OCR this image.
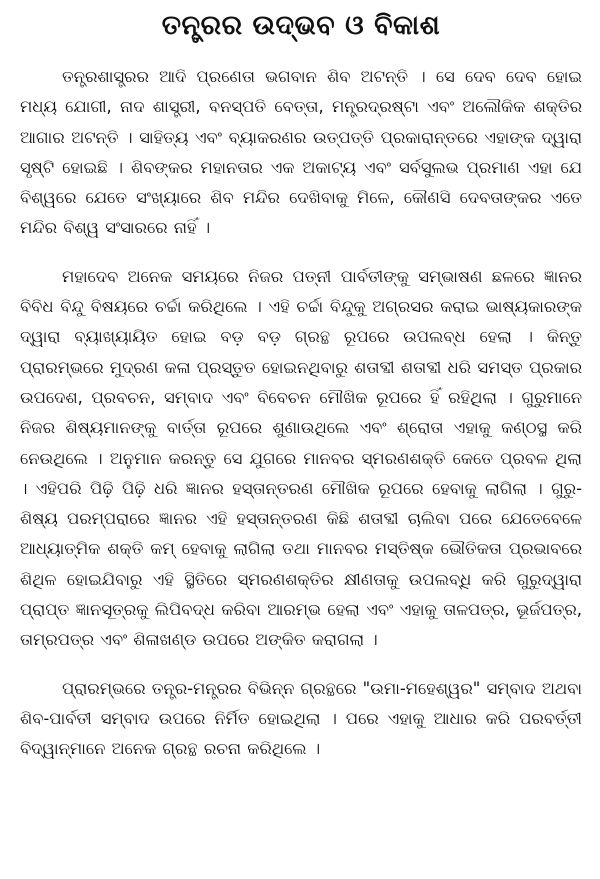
ତନ୍ତ୍ରର ଉଦ୍ଭବ ଓ ବିକାଶ

ତନ୍ତ୍ରଶାସ୍ତ୍ରର ଆଦି ପ୍ରଣେତା ଭଗବାନ ଶିବ ଅଟନ୍ତି । ସେ ଦେବ ଦେବ ହୋଇ ମଧ୍ୟ ଯୋଗୀ, ନାଦ ଶାସ୍ତ୍ରୀ, ବନସ୍ପତି ବେତ୍ତା, ମନ୍ତ୍ରଦ୍ରଷ୍ଟା ଏବଂ ଅଲୌକିକ ଶକ୍ତିର ଆଗାର ଅଟନ୍ତି । ସାହିତ୍ୟ ଏବଂ ବ୍ୟାକରଣର ଉତ୍ପତ୍ତି ପ୍ରକାରାନ୍ତରେ ଏହାଙ୍କ ଦ୍ୱାରା ସୃଷ୍ଟି ହୋଇଛି । ଶିବଙ୍କର ମହାନତାର ଏକ ଅକାଟ୍ୟ ଏବଂ ସର୍ବସୁଲଭ ପ୍ରମାଣ ଏହା ଯେ ବିଶ୍ୱରେ ଯେତେ ସଂଖ୍ୟାରେ ଶିବ ମନ୍ଦିର ଦେଖିବାକୁ ମିଳେ, କୌଣସି ଦେବତାଙ୍କର ଏତେ ମନ୍ଦିର ବିଶ୍ୱ ସଂସାରରେ ନାହିଁ ।

ମହାଦେବ ଅନେକ ସମୟରେ ନିଜର ପତ୍ନୀ ପାର୍ବତୀଙ୍କୁ ସମ୍ଭାଷଣ ଛଳରେ ଜ୍ଞାନର ବିବିଧ ବିନ୍ଦୁ ବିଷୟରେ ଚର୍ଚ୍ଚା କରିଥିଲେ । ଏହି ଚର୍ଚ୍ଚା ବିନ୍ଦୁକୁ ଅଗ୍ରସର କରାଇ ଭାଷ୍ୟକାରଙ୍କ ଦ୍ୱାରା ବ୍ୟାଖ୍ୟାୟିତ ହୋଇ ବଡ଼ ବଡ଼ ଗ୍ରନ୍ଥ ରୂପରେ ଉପଲବ୍ଧ ହେଲା । କିନ୍ତୁ ପ୍ରାରମ୍ଭରେ ମୁଦ୍ରଣ କଳା ପ୍ରସ୍ତୁତ ହୋଇନଥିବାରୁ ଶତାବ୍ଦୀ ଶତାବ୍ଦୀ ଧରି ସମସ୍ତ ପ୍ରକାର ଉପଦେଶ, ପ୍ରବଚନ, ସମ୍ବାଦ ଏବଂ ବିବେଚନ ମୌଖିକ ରୂପରେ ହିଁ ରହିଥିଲା । ଗୁରୁମାନେ ନିଜର ଶିଷ୍ୟମାନଙ୍କୁ ବାର୍ତ୍ତା ରୂପରେ ଶୁଣାଉଥିଲେ ଏବଂ ଶ୍ରୋତା ଏହାକୁ କଣ୍ଠସ୍ଥ କରି ନେଉଥିଲେ । ଅନୁମାନ କରନ୍ତୁ ସେ ଯୁଗରେ ମାନବର ସ୍ମରଣଶକ୍ତି କେତେ ପ୍ରବଳ ଥିଲା । ଏହିପରି ପିଢ଼ି ପିଢ଼ି ଧରି ଜ୍ଞାନର ହସ୍ତାନ୍ତରଣ ମୌଖିକ ରୂପରେ ହେବାକୁ ଲାଗିଲା । ଗୁରୁ-ଶିଷ୍ୟ ପରମ୍ପରାରେ ଜ୍ଞାନର ଏହି ହସ୍ତାନ୍ତରଣ କିଛି ଶତାବ୍ଦୀ ଚାଲିବା ପରେ ଯେତେବେଳେ ଆଧ୍ୟାତ୍ମିକ ଶକ୍ତି କମ୍ ହେବାକୁ ଲାଗିଲା ତଥା ମାନବର ମସ୍ତିଷ୍କ ଭୌତିକତା ପ୍ରଭାବରେ ଶିଥିଳ ହୋଇଯିବାରୁ ଏହି ସ୍ଥିତିରେ ସ୍ମରଣଶକ୍ତିର କ୍ଷୀଣତାକୁ ଉପଲବ୍ଧି କରି ଗୁରୁଦ୍ୱାରା ପ୍ରାପ୍ତ ଜ୍ଞାନସୂତ୍ରକୁ ଲିପିବଦ୍ଧ କରିବା ଆରମ୍ଭ ହେଲା ଏବଂ ଏହାକୁ ତାଳପତ୍ର, ଭୂର୍ଜପତ୍ର, ତାମ୍ରପତ୍ର ଏବଂ ଶିଳାଖଣ୍ଡ ଉପରେ ଅଙ୍କିତ କରାଗଲା ।

ପ୍ରାରମ୍ଭରେ ତନ୍ତ୍ର-ମନ୍ତ୍ରର ବିଭିନ୍ନ ଗ୍ରନ୍ଥରେ "ଉମା-ମହେଶ୍ୱର" ସମ୍ବାଦ ଅଥବା ଶିବ-ପାର୍ବତୀ ସମ୍ବାଦ ଉପରେ ନିର୍ମିତ ହୋଇଥିଲା । ପରେ ଏହାକୁ ଆଧାର କରି ପରବର୍ତ୍ତୀ ବିଦ୍ୱାନ୍‌ମାନେ ଅନେକ ଗ୍ରନ୍ଥ ରଚନା କରିଥିଲେ ।
